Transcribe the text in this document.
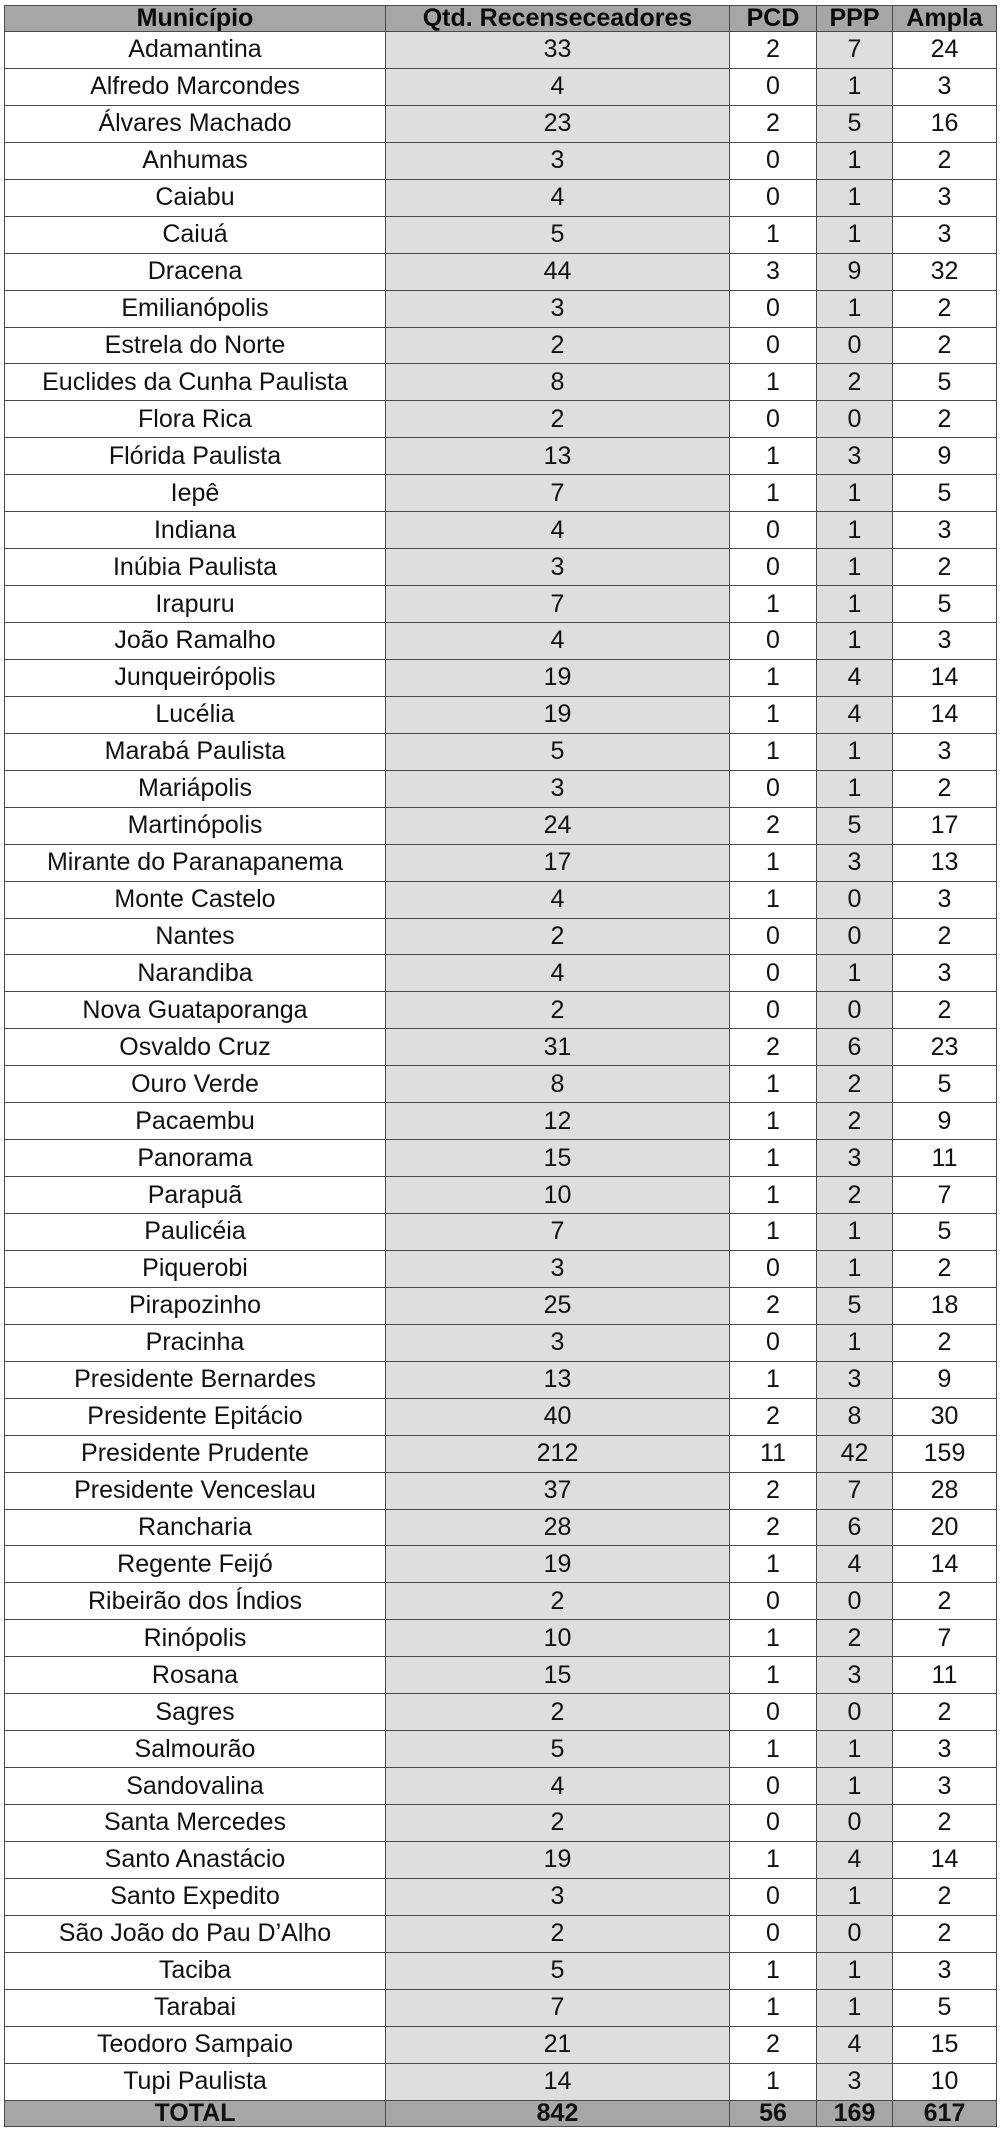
Município	Qtd. Recenseceadores	PCD	PPP	Ampla
Adamantina	33	2	7	24
Alfredo Marcondes	4	0	1	3
Álvares Machado	23	2	5	16
Anhumas	3	0	1	2
Caiabu	4	0	1	3
Caiuá	5	1	1	3
Dracena	44	3	9	32
Emilianópolis	3	0	1	2
Estrela do Norte	2	0	0	2
Euclides da Cunha Paulista	8	1	2	5
Flora Rica	2	0	0	2
Flórida Paulista	13	1	3	9
Iepê	7	1	1	5
Indiana	4	0	1	3
Inúbia Paulista	3	0	1	2
Irapuru	7	1	1	5
João Ramalho	4	0	1	3
Junqueirópolis	19	1	4	14
Lucélia	19	1	4	14
Marabá Paulista	5	1	1	3
Mariápolis	3	0	1	2
Martinópolis	24	2	5	17
Mirante do Paranapanema	17	1	3	13
Monte Castelo	4	1	0	3
Nantes	2	0	0	2
Narandiba	4	0	1	3
Nova Guataporanga	2	0	0	2
Osvaldo Cruz	31	2	6	23
Ouro Verde	8	1	2	5
Pacaembu	12	1	2	9
Panorama	15	1	3	11
Parapuã	10	1	2	7
Paulicéia	7	1	1	5
Piquerobi	3	0	1	2
Pirapozinho	25	2	5	18
Pracinha	3	0	1	2
Presidente Bernardes	13	1	3	9
Presidente Epitácio	40	2	8	30
Presidente Prudente	212	11	42	159
Presidente Venceslau	37	2	7	28
Rancharia	28	2	6	20
Regente Feijó	19	1	4	14
Ribeirão dos Índios	2	0	0	2
Rinópolis	10	1	2	7
Rosana	15	1	3	11
Sagres	2	0	0	2
Salmourão	5	1	1	3
Sandovalina	4	0	1	3
Santa Mercedes	2	0	0	2
Santo Anastácio	19	1	4	14
Santo Expedito	3	0	1	2
São João do Pau D’Alho	2	0	0	2
Taciba	5	1	1	3
Tarabai	7	1	1	5
Teodoro Sampaio	21	2	4	15
Tupi Paulista	14	1	3	10
TOTAL	842	56	169	617
